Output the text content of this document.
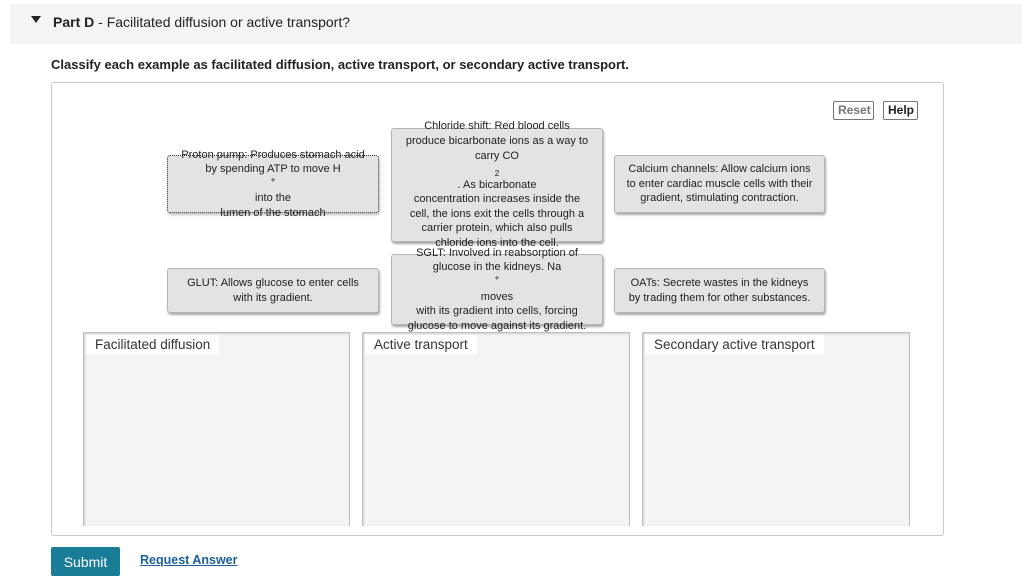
Part D - Facilitated diffusion or active transport?
Classify each example as facilitated diffusion, active transport, or secondary active transport.
Reset	Help
Proton pump: Produces stomach acid
by spending ATP to move H
+
into the
lumen of the stomach
Chloride shift: Red blood cells
produce bicarbonate ions as a way to
carry CO
$_2$
. As bicarbonate
concentration increases inside the
cell, the ions exit the cells through a
carrier protein, which also pulls
chloride ions into the cell.
Calcium channels: Allow calcium ions
to enter cardiac muscle cells with their
gradient, stimulating contraction.
GLUT: Allows glucose to enter cells
with its gradient.
SGLT: Involved in reabsorption of
glucose in the kidneys. Na
+
moves
with its gradient into cells, forcing
glucose to move against its gradient.
OATs: Secrete wastes in the kidneys
by trading them for other substances.
Facilitated diffusion	Active transport	Secondary active transport
Submit	Request Answer
